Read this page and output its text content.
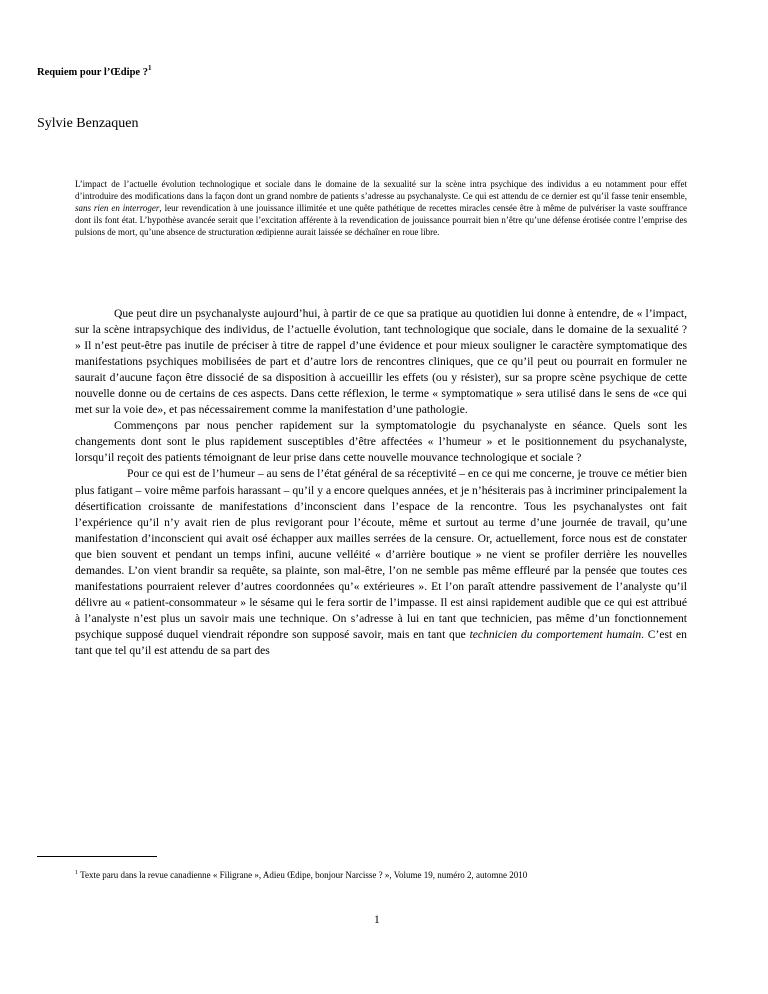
Requiem pour l’Œdipe ?$^1$
Sylvie Benzaquen
L’impact de l’actuelle évolution technologique et sociale dans le domaine de la sexualité sur la scène intra psychique des individus a eu notamment pour effet d’introduire des modifications dans la façon dont un grand nombre de patients s’adresse au psychanalyste. Ce qui est attendu de ce dernier est qu’il fasse tenir ensemble, sans rien en interroger, leur revendication à une jouissance illimitée et une quête pathétique de recettes miracles censée être à même de pulvériser la vaste souffrance dont ils font état. L’hypothèse avancée serait que l’excitation afférente à la revendication de jouissance pourrait bien n’être qu’une défense érotisée contre l’emprise des pulsions de mort, qu’une absence de structuration œdipienne aurait laissée se déchaîner en roue libre.

Que peut dire un psychanalyste aujourd’hui, à partir de ce que sa pratique au quotidien lui donne à entendre, de « l’impact, sur la scène intrapsychique des individus, de l’actuelle évolution, tant technologique que sociale, dans le domaine de la sexualité ? » Il n’est peut-être pas inutile de préciser à titre de rappel d’une évidence et pour mieux souligner le caractère symptomatique des manifestations psychiques mobilisées de part et d’autre lors de rencontres cliniques, que ce qu’il peut ou pourrait en formuler ne saurait d’aucune façon être dissocié de sa disposition à accueillir les effets (ou y résister), sur sa propre scène psychique de cette nouvelle donne ou de certains de ces aspects. Dans cette réflexion, le terme « symptomatique » sera utilisé dans le sens de «ce qui met sur la voie de», et pas nécessairement comme la manifestation d’une pathologie.

Commençons par nous pencher rapidement sur la symptomatologie du psychanalyste en séance. Quels sont les changements dont sont le plus rapidement susceptibles d’être affectées « l’humeur » et le positionnement du psychanalyste, lorsqu’il reçoit des patients témoignant de leur prise dans cette nouvelle mouvance technologique et sociale ?

Pour ce qui est de l’humeur – au sens de l’état général de sa réceptivité – en ce qui me concerne, je trouve ce métier bien plus fatigant – voire même parfois harassant – qu’il y a encore quelques années, et je n’hésiterais pas à incriminer principalement la désertification croissante de manifestations d’inconscient dans l’espace de la rencontre. Tous les psychanalystes ont fait l’expérience qu’il n’y avait rien de plus revigorant pour l’écoute, même et surtout au terme d’une journée de travail, qu’une manifestation d’inconscient qui avait osé échapper aux mailles serrées de la censure. Or, actuellement, force nous est de constater que bien souvent et pendant un temps infini, aucune velléité « d’arrière boutique » ne vient se profiler derrière les nouvelles demandes. L’on vient brandir sa requête, sa plainte, son mal-être, l’on ne semble pas même effleuré par la pensée que toutes ces manifestations pourraient relever d’autres coordonnées qu’« extérieures ». Et l’on paraît attendre passivement de l’analyste qu’il délivre au « patient-consommateur » le sésame qui le fera sortir de l’impasse. Il est ainsi rapidement audible que ce qui est attribué à l’analyste n’est plus un savoir mais une technique. On s’adresse à lui en tant que technicien, pas même d’un fonctionnement psychique supposé duquel viendrait répondre son supposé savoir, mais en tant que technicien du comportement humain. C’est en tant que tel qu’il est attendu de sa part des

$^1$ Texte paru dans la revue canadienne « Filigrane », Adieu Œdipe, bonjour Narcisse ? », Volume 19, numéro 2, automne 2010
1
